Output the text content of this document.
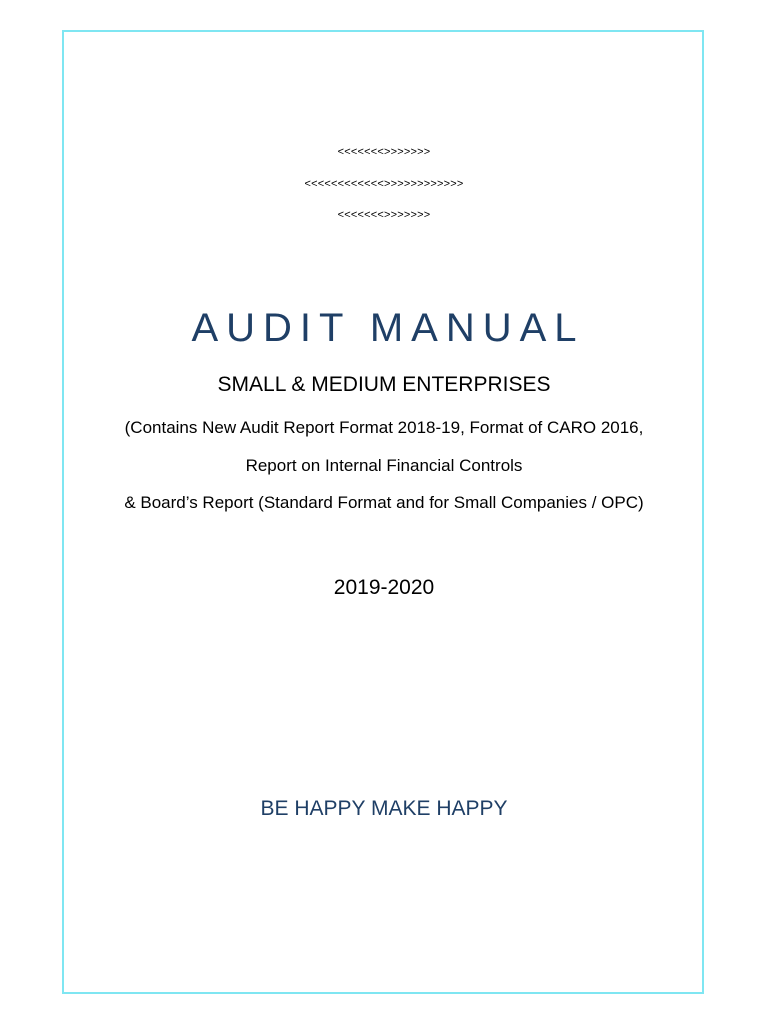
<<<<<<<>>>>>>>
<<<<<<<<<<<<>>>>>>>>>>>>
<<<<<<<>>>>>>>
AUDIT MANUAL
SMALL & MEDIUM ENTERPRISES
(Contains New Audit Report Format 2018-19, Format of CARO 2016,
Report on Internal Financial Controls
& Board’s Report (Standard Format and for Small Companies / OPC)
2019-2020
BE HAPPY MAKE HAPPY
